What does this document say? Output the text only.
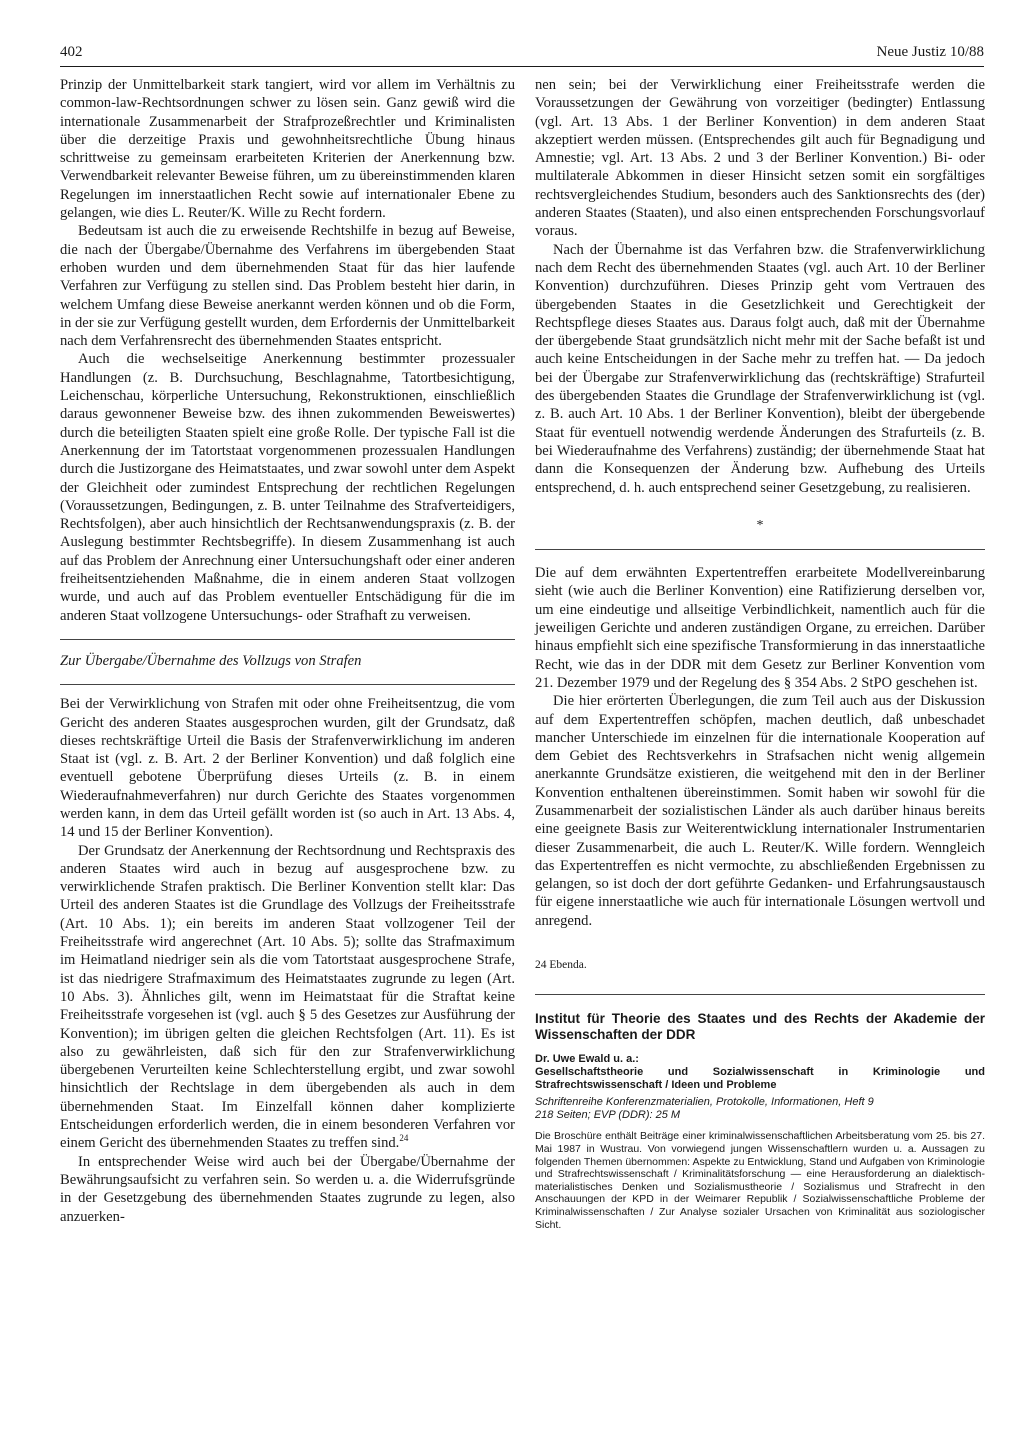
402	Neue Justiz 10/88

Prinzip der Unmittelbarkeit stark tangiert, wird vor allem im Verhältnis zu common-law-Rechtsordnungen schwer zu lösen sein. Ganz gewiß wird die internationale Zusammenarbeit der Strafprozeßrechtler und Kriminalisten über die derzeitige Praxis und gewohnheitsrechtliche Übung hinaus schrittweise zu gemeinsam erarbeiteten Kriterien der Anerkennung bzw. Verwendbarkeit relevanter Beweise führen, um zu übereinstimmenden klaren Regelungen im innerstaatlichen Recht sowie auf internationaler Ebene zu gelangen, wie dies L. Reuter/K. Wille zu Recht fordern.

Bedeutsam ist auch die zu erweisende Rechtshilfe in bezug auf Beweise, die nach der Übergabe/Übernahme des Verfahrens im übergebenden Staat erhoben wurden und dem übernehmenden Staat für das hier laufende Verfahren zur Verfügung zu stellen sind. Das Problem besteht hier darin, in welchem Umfang diese Beweise anerkannt werden können und ob die Form, in der sie zur Verfügung gestellt wurden, dem Erfordernis der Unmittelbarkeit nach dem Verfahrensrecht des übernehmenden Staates entspricht.

Auch die wechselseitige Anerkennung bestimmter prozessualer Handlungen (z. B. Durchsuchung, Beschlagnahme, Tatortbesichtigung, Leichenschau, körperliche Untersuchung, Rekonstruktionen, einschließlich daraus gewonnener Beweise bzw. des ihnen zukommenden Beweiswertes) durch die beteiligten Staaten spielt eine große Rolle. Der typische Fall ist die Anerkennung der im Tatortstaat vorgenommenen prozessualen Handlungen durch die Justizorgane des Heimatstaates, und zwar sowohl unter dem Aspekt der Gleichheit oder zumindest Entsprechung der rechtlichen Regelungen (Voraussetzungen, Bedingungen, z. B. unter Teilnahme des Strafverteidigers, Rechtsfolgen), aber auch hinsichtlich der Rechtsanwendungspraxis (z. B. der Auslegung bestimmter Rechtsbegriffe). In diesem Zusammenhang ist auch auf das Problem der Anrechnung einer Untersuchungshaft oder einer anderen freiheitsentziehenden Maßnahme, die in einem anderen Staat vollzogen wurde, und auch auf das Problem eventueller Entschädigung für die im anderen Staat vollzogene Untersuchungs- oder Strafhaft zu verweisen.

Zur Übergabe/Übernahme des Vollzugs von Strafen

Bei der Verwirklichung von Strafen mit oder ohne Freiheitsentzug, die vom Gericht des anderen Staates ausgesprochen wurden, gilt der Grundsatz, daß dieses rechtskräftige Urteil die Basis der Strafenverwirklichung im anderen Staat ist (vgl. z. B. Art. 2 der Berliner Konvention) und daß folglich eine eventuell gebotene Überprüfung dieses Urteils (z. B. in einem Wiederaufnahmeverfahren) nur durch Gerichte des Staates vorgenommen werden kann, in dem das Urteil gefällt worden ist (so auch in Art. 13 Abs. 4, 14 und 15 der Berliner Konvention).

Der Grundsatz der Anerkennung der Rechtsordnung und Rechtspraxis des anderen Staates wird auch in bezug auf ausgesprochene bzw. zu verwirklichende Strafen praktisch. Die Berliner Konvention stellt klar: Das Urteil des anderen Staates ist die Grundlage des Vollzugs der Freiheitsstrafe (Art. 10 Abs. 1); ein bereits im anderen Staat vollzogener Teil der Freiheitsstrafe wird angerechnet (Art. 10 Abs. 5); sollte das Strafmaximum im Heimatland niedriger sein als die vom Tatortstaat ausgesprochene Strafe, ist das niedrigere Strafmaximum des Heimatstaates zugrunde zu legen (Art. 10 Abs. 3). Ähnliches gilt, wenn im Heimatstaat für die Straftat keine Freiheitsstrafe vorgesehen ist (vgl. auch § 5 des Gesetzes zur Ausführung der Konvention); im übrigen gelten die gleichen Rechtsfolgen (Art. 11). Es ist also zu gewährleisten, daß sich für den zur Strafenverwirklichung übergebenen Verurteilten keine Schlechterstellung ergibt, und zwar sowohl hinsichtlich der Rechtslage in dem übergebenden als auch in dem übernehmenden Staat. Im Einzelfall können daher komplizierte Entscheidungen erforderlich werden, die in einem besonderen Verfahren vor einem Gericht des übernehmenden Staates zu treffen sind.$^{24}$

In entsprechender Weise wird auch bei der Übergabe/Übernahme der Bewährungsaufsicht zu verfahren sein. So werden u. a. die Widerrufsgründe in der Gesetzgebung des übernehmenden Staates zugrunde zu legen, also anzuerken-

nen sein; bei der Verwirklichung einer Freiheitsstrafe werden die Voraussetzungen der Gewährung von vorzeitiger (bedingter) Entlassung (vgl. Art. 13 Abs. 1 der Berliner Konvention) in dem anderen Staat akzeptiert werden müssen. (Entsprechendes gilt auch für Begnadigung und Amnestie; vgl. Art. 13 Abs. 2 und 3 der Berliner Konvention.) Bi- oder multilaterale Abkommen in dieser Hinsicht setzen somit ein sorgfältiges rechtsvergleichendes Studium, besonders auch des Sanktionsrechts des (der) anderen Staates (Staaten), und also einen entsprechenden Forschungsvorlauf voraus.

Nach der Übernahme ist das Verfahren bzw. die Strafenverwirklichung nach dem Recht des übernehmenden Staates (vgl. auch Art. 10 der Berliner Konvention) durchzuführen. Dieses Prinzip geht vom Vertrauen des übergebenden Staates in die Gesetzlichkeit und Gerechtigkeit der Rechtspflege dieses Staates aus. Daraus folgt auch, daß mit der Übernahme der übergebende Staat grundsätzlich nicht mehr mit der Sache befaßt ist und auch keine Entscheidungen in der Sache mehr zu treffen hat. — Da jedoch bei der Übergabe zur Strafenverwirklichung das (rechtskräftige) Strafurteil des übergebenden Staates die Grundlage der Strafenverwirklichung ist (vgl. z. B. auch Art. 10 Abs. 1 der Berliner Konvention), bleibt der übergebende Staat für eventuell notwendig werdende Änderungen des Strafurteils (z. B. bei Wiederaufnahme des Verfahrens) zuständig; der übernehmende Staat hat dann die Konsequenzen der Änderung bzw. Aufhebung des Urteils entsprechend, d. h. auch entsprechend seiner Gesetzgebung, zu realisieren.

*

Die auf dem erwähnten Expertentreffen erarbeitete Modellvereinbarung sieht (wie auch die Berliner Konvention) eine Ratifizierung derselben vor, um eine eindeutige und allseitige Verbindlichkeit, namentlich auch für die jeweiligen Gerichte und anderen zuständigen Organe, zu erreichen. Darüber hinaus empfiehlt sich eine spezifische Transformierung in das innerstaatliche Recht, wie das in der DDR mit dem Gesetz zur Berliner Konvention vom 21. Dezember 1979 und der Regelung des § 354 Abs. 2 StPO geschehen ist.

Die hier erörterten Überlegungen, die zum Teil auch aus der Diskussion auf dem Expertentreffen schöpfen, machen deutlich, daß unbeschadet mancher Unterschiede im einzelnen für die internationale Kooperation auf dem Gebiet des Rechtsverkehrs in Strafsachen nicht wenig allgemein anerkannte Grundsätze existieren, die weitgehend mit den in der Berliner Konvention enthaltenen übereinstimmen. Somit haben wir sowohl für die Zusammenarbeit der sozialistischen Länder als auch darüber hinaus bereits eine geeignete Basis zur Weiterentwicklung internationaler Instrumentarien dieser Zusammenarbeit, die auch L. Reuter/K. Wille fordern. Wenngleich das Expertentreffen es nicht vermochte, zu abschließenden Ergebnissen zu gelangen, so ist doch der dort geführte Gedanken- und Erfahrungsaustausch für eigene innerstaatliche wie auch für internationale Lösungen wertvoll und anregend.

24 Ebenda.
Institut für Theorie des Staates und des Rechts der Akademie der Wissenschaften der DDR
Dr. Uwe Ewald u. a.:
Gesellschaftstheorie und Sozialwissenschaft in Kriminologie und Strafrechtswissenschaft / Ideen und Probleme
Schriftenreihe Konferenzmaterialien, Protokolle, Informationen, Heft 9
218 Seiten; EVP (DDR): 25 M
Die Broschüre enthält Beiträge einer kriminalwissenschaftlichen Arbeitsberatung vom 25. bis 27. Mai 1987 in Wustrau. Von vorwiegend jungen Wissenschaftlern wurden u. a. Aussagen zu folgenden Themen übernommen: Aspekte zu Entwicklung, Stand und Aufgaben von Kriminologie und Strafrechtswissenschaft / Kriminalitätsforschung — eine Herausforderung an dialektisch-materialistisches Denken und Sozialismustheorie / Sozialismus und Strafrecht in den Anschauungen der KPD in der Weimarer Republik / Sozialwissenschaftliche Probleme der Kriminalwissenschaften / Zur Analyse sozialer Ursachen von Kriminalität aus soziologischer Sicht.
